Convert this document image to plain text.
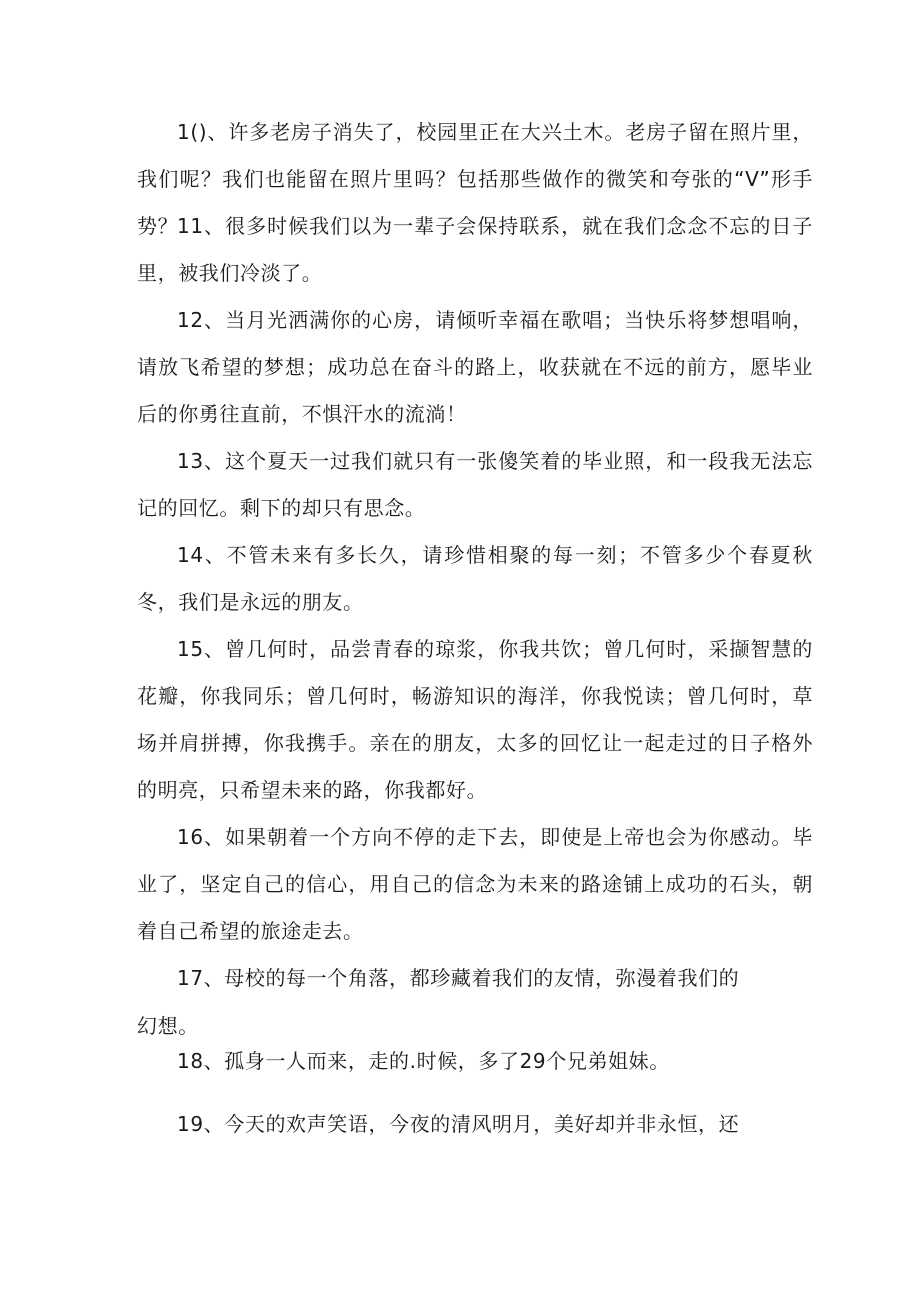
1()、许多老房子消失了，校园里正在大兴土木。老房子留在照片里，我们呢？我们也能留在照片里吗？包括那些做作的微笑和夸张的“V”形手势？

11、很多时候我们以为一辈子会保持联系，就在我们念念不忘的日子里，被我们冷淡了。

12、当月光洒满你的心房，请倾听幸福在歌唱；当快乐将梦想唱响，请放飞希望的梦想；成功总在奋斗的路上，收获就在不远的前方，愿毕业后的你勇往直前，不惧汗水的流淌！

13、这个夏天一过我们就只有一张傻笑着的毕业照，和一段我无法忘记的回忆。剩下的却只有思念。

14、不管未来有多长久，请珍惜相聚的每一刻；不管多少个春夏秋冬，我们是永远的朋友。

15、曾几何时，品尝青春的琼浆，你我共饮；曾几何时，采撷智慧的花瓣，你我同乐；曾几何时，畅游知识的海洋，你我悦读；曾几何时，草场并肩拼搏，你我携手。亲在的朋友，太多的回忆让一起走过的日子格外的明亮，只希望未来的路，你我都好。

16、如果朝着一个方向不停的走下去，即使是上帝也会为你感动。毕业了，坚定自己的信心，用自己的信念为未来的路途铺上成功的石头，朝着自己希望的旅途走去。

17、母校的每一个角落，都珍藏着我们的友情，弥漫着我们的

幻想。

18、孤身一人而来，走的.时候，多了29个兄弟姐妹。

19、今天的欢声笑语，今夜的清风明月，美好却并非永恒，还
